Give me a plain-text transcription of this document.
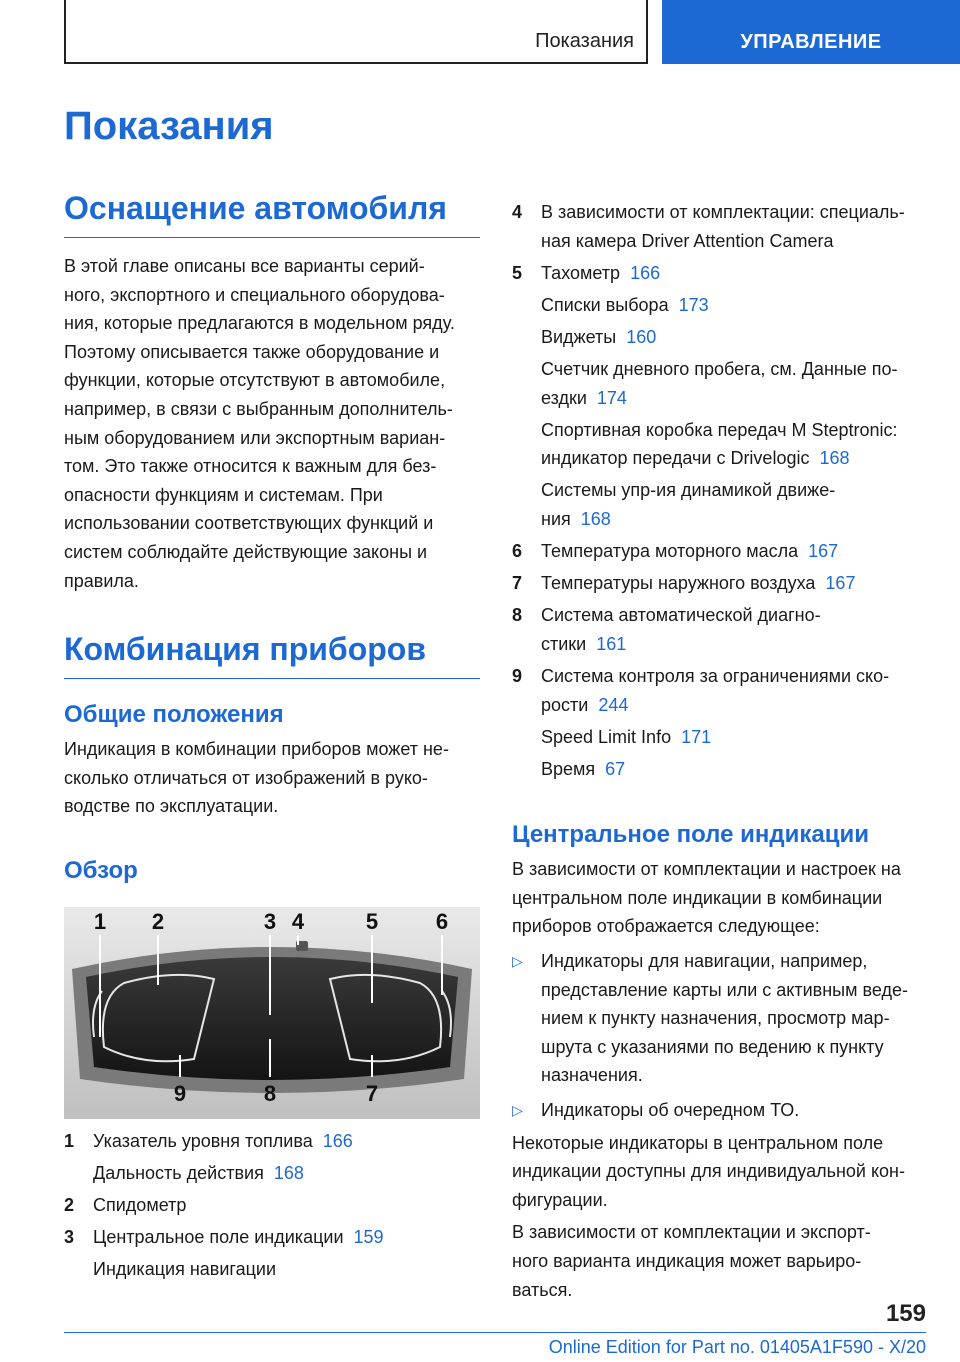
Показания	УПРАВЛЕНИЕ
Показания
Оснащение автомобиля

В этой главе описаны все варианты серий-

ного, экспортного и специального оборудова-

ния, которые предлагаются в модельном ряду.

Поэтому описывается также оборудование и

функции, которые отсутствуют в автомобиле,

например, в связи с выбранным дополнитель-

ным оборудованием или экспортным вариан-

том. Это также относится к важным для без-

опасности функциям и системам. При

использовании соответствующих функций и

систем соблюдайте действующие законы и

правила.

Комбинация приборов
Общие положения

Индикация в комбинации приборов может не-

сколько отличаться от изображений в руко-

водстве по эксплуатации.

Обзор
1 2	3 4	5	6
9	8	7
1	Указатель уровня топлива 166
Дальность действия 168
2	Спидометр
3	Центральное поле индикации 159
Индикация навигации
4	В зависимости от комплектации: специаль-
ная камера Driver Attention Camera
5	Тахометр 166
Списки выбора 173
Виджеты 160
Счетчик дневного пробега, см. Данные по-
ездки 174
Спортивная коробка передач M Steptronic:
индикатор передачи с Drivelogic 168
Системы упр-ия динамикой движе-
ния 168
6	Температура моторного масла 167
7	Температуры наружного воздуха 167
8	Система автоматической диагно-
стики 161
9	Система контроля за ограничениями ско-
рости 244
Speed Limit Info 171
Время 67
Центральное поле индикации

В зависимости от комплектации и настроек на

центральном поле индикации в комбинации

приборов отображается следующее:

▷	Индикаторы для навигации, например,
представление карты или с активным веде-
нием к пункту назначения, просмотр мар-
шрута с указаниями по ведению к пункту
назначения.
▷	Индикаторы об очередном ТО.

Некоторые индикаторы в центральном поле

индикации доступны для индивидуальной кон-

фигурации.

В зависимости от комплектации и экспорт-

ного варианта индикация может варьиро-

ваться.

159
Online Edition for Part no. 01405A1F590 - X/20
